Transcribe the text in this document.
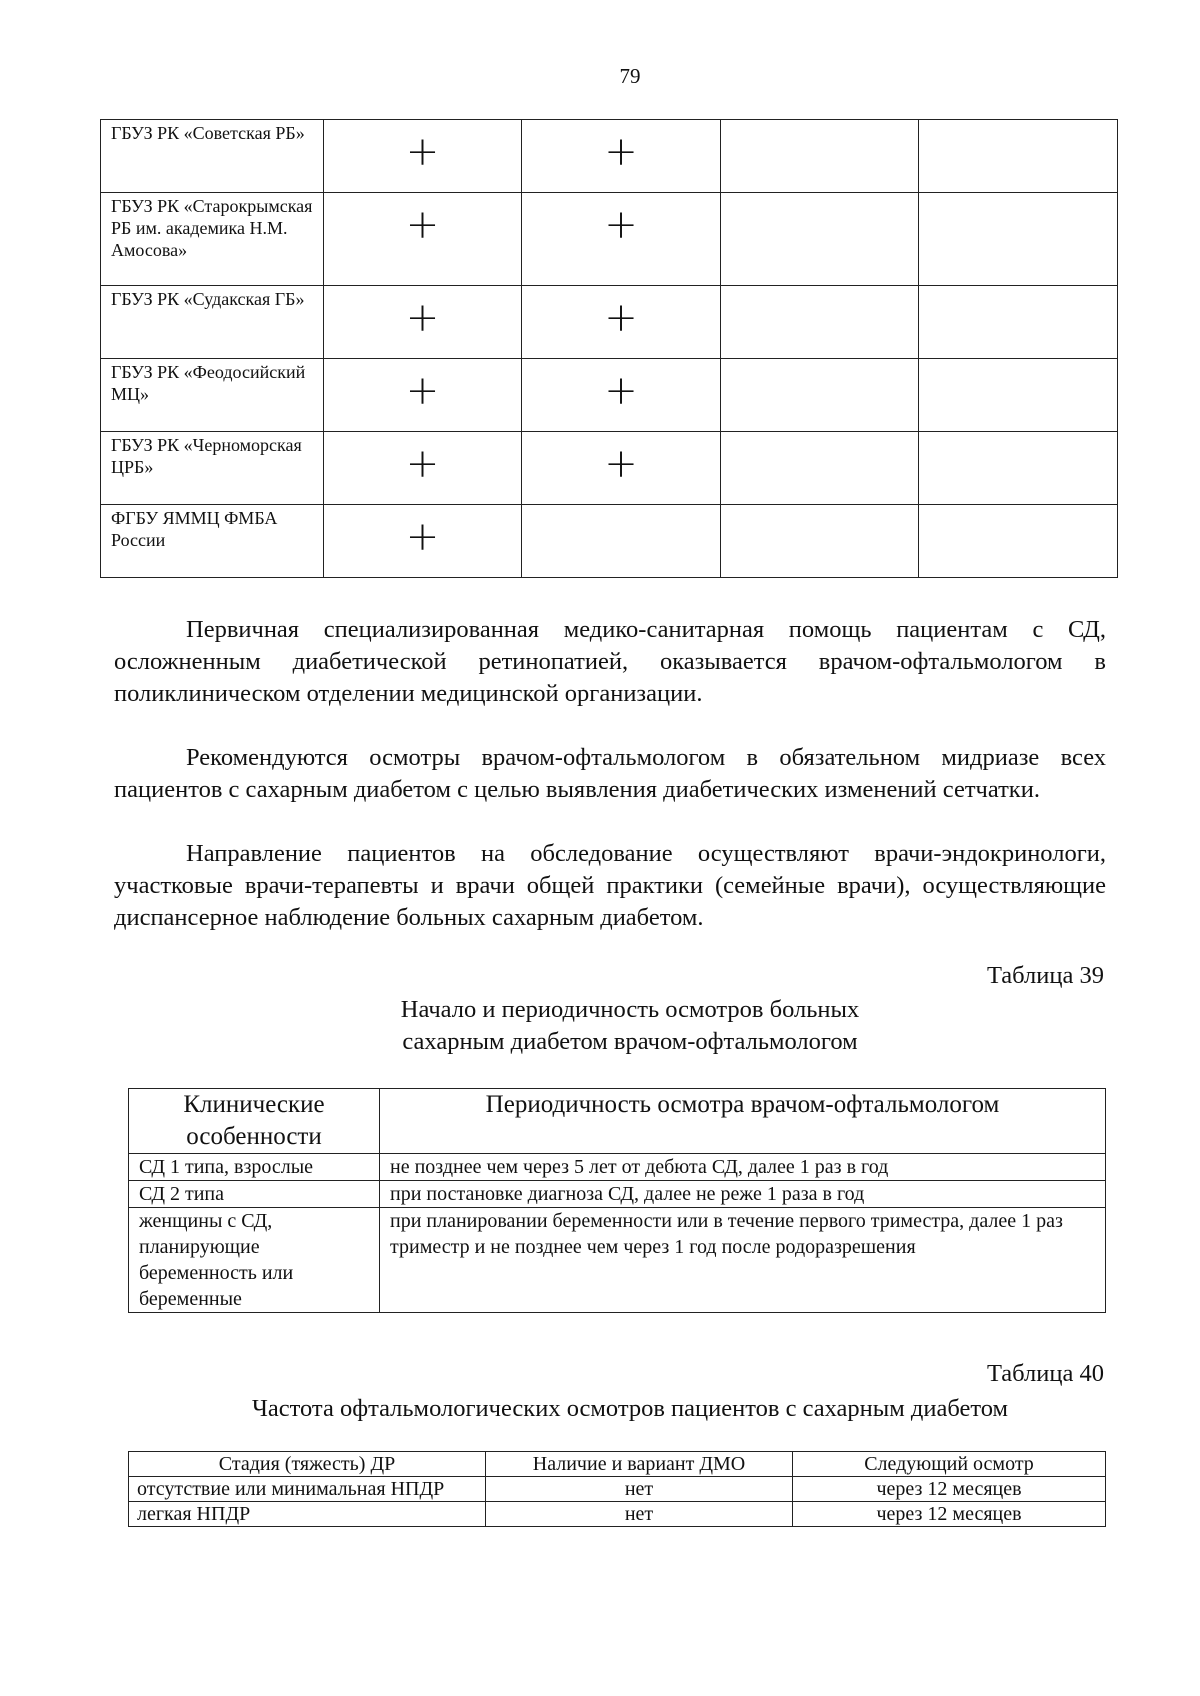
79
ГБУЗ РК «Советская РБ»	+	+		

ГБУЗ РК «Старокрымская РБ им. академика Н.М. Амосова»	+	+		

ГБУЗ РК «Судакская ГБ»	+	+		

ГБУЗ РК «Феодосийский МЦ»	+	+		

ГБУЗ РК «Черноморская ЦРБ»	+	+		

ФГБУ ЯММЦ ФМБА России	+			

Первичная специализированная медико-санитарная помощь пациентам с СД, осложненным диабетической ретинопатией, оказывается врачом-офтальмологом в поликлиническом отделении медицинской организации.

Рекомендуются осмотры врачом-офтальмологом в обязательном мидриазе всех пациентов с сахарным диабетом с целью выявления диабетических изменений сетчатки.

Направление пациентов на обследование осуществляют врачи-эндокринологи, участковые врачи-терапевты и врачи общей практики (семейные врачи), осуществляющие диспансерное наблюдение больных сахарным диабетом.

Таблица 39
Начало и периодичность осмотров больных
сахарным диабетом врачом-офтальмологом
Клинические особенности	Периодичность осмотра врачом-офтальмологом
СД 1 типа, взрослые	не позднее чем через 5 лет от дебюта СД, далее 1 раз в год
СД 2 типа	при постановке диагноза СД, далее не реже 1 раза в год
женщины с СД, планирующие беременность или беременные	при планировании беременности или в течение первого триместра, далее 1 раз триместр и не позднее чем через 1 год после родоразрешения
Таблица 40
Частота офтальмологических осмотров пациентов с сахарным диабетом
Стадия (тяжесть) ДР	Наличие и вариант ДМО	Следующий осмотр
отсутствие или минимальная НПДР	нет	через 12 месяцев
легкая НПДР	нет	через 12 месяцев
